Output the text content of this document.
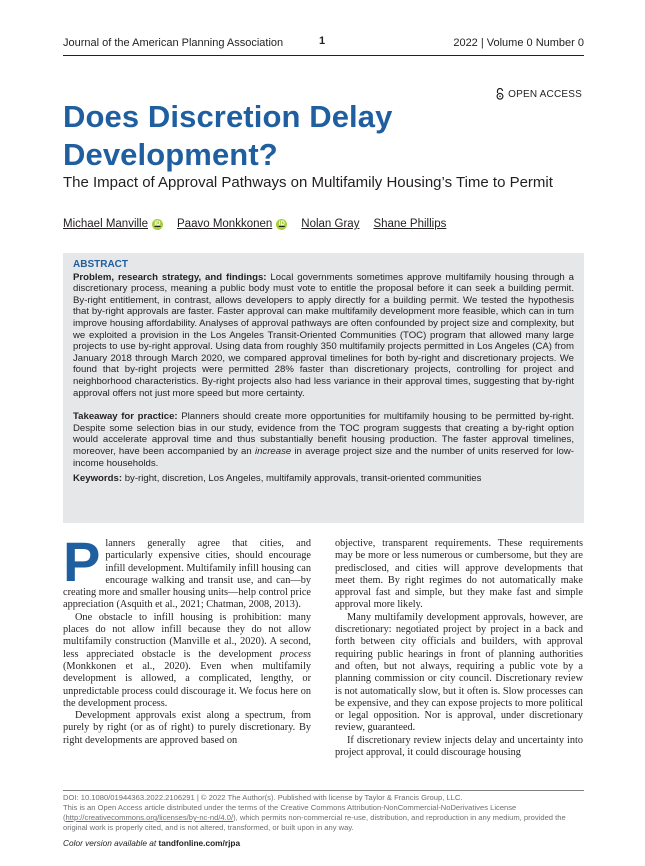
Journal of the American Planning Association	1	2022 | Volume 0 Number 0
OPEN ACCESS
Does Discretion Delay Development?
The Impact of Approval Pathways on Multifamily Housing’s Time to Permit
Michael Manville	iD Paavo Monkkonen	iD Nolan Gray Shane Phillips
ABSTRACT

Problem, research strategy, and findings: Local governments sometimes approve multifamily housing through a discretionary process, meaning a public body must vote to entitle the proposal before it can seek a building permit. By-right entitlement, in contrast, allows developers to apply directly for a building permit. We tested the hypothesis that by-right approvals are faster. Faster approval can make multifamily development more feasible, which can in turn improve housing affordability. Analyses of approval pathways are often confounded by project size and complexity, but we exploited a provision in the Los Angeles Transit-Oriented Communities (TOC) program that allowed many large projects to use by-right approval. Using data from roughly 350 multifamily projects permitted in Los Angeles (CA) from January 2018 through March 2020, we compared approval timelines for both by-right and discretionary projects. We found that by-right projects were permitted 28% faster than discretionary projects, controlling for project and neighborhood characteristics. By-right projects also had less variance in their approval times, suggesting that by-right approval offers not just more speed but more certainty.

Takeaway for practice: Planners should create more opportunities for multifamily housing to be permitted by-right. Despite some selection bias in our study, evidence from the TOC program suggests that creating a by-right option would accelerate approval time and thus substantially benefit housing production. The faster approval timelines, moreover, have been accompanied by an increase in average project size and the number of units reserved for low-income households.

Keywords: by-right, discretion, Los Angeles, multifamily approvals, transit-oriented communities

Planners generally agree that cities, and particularly expensive cities, should encourage infill development. Multifamily infill housing can encourage walking and transit use, and can—by creating more and smaller housing units—help control price appreciation (Asquith et al., 2021; Chatman, 2008, 2013).

One obstacle to infill housing is prohibition: many places do not allow infill because they do not allow multifamily construction (Manville et al., 2020). A second, less appreciated obstacle is the development process (Monkkonen et al., 2020). Even when multifamily development is allowed, a complicated, lengthy, or unpredictable process could discourage it. We focus here on the development process.

Development approvals exist along a spectrum, from purely by right (or as of right) to purely discretionary. By right developments are approved based on

objective, transparent requirements. These requirements may be more or less numerous or cumbersome, but they are predisclosed, and cities will approve developments that meet them. By right regimes do not automatically make approval fast and simple, but they make fast and simple approval more likely.

Many multifamily development approvals, however, are discretionary: negotiated project by project in a back and forth between city officials and builders, with approval requiring public hearings in front of planning authorities and often, but not always, requiring a public vote by a planning commission or city council. Discretionary review is not automatically slow, but it often is. Slow processes can be expensive, and they can expose projects to more political or legal opposition. Nor is approval, under discretionary review, guaranteed.

If discretionary review injects delay and uncertainty into project approval, it could discourage housing

DOI: 10.1080/01944363.2022.2106291 | © 2022 The Author(s). Published with license by Taylor & Francis Group, LLC.
This is an Open Access article distributed under the terms of the Creative Commons Attribution-NonCommercial-NoDerivatives License (http://creativecommons.org/licenses/by-nc-nd/4.0/), which permits non-commercial re-use, distribution, and reproduction in any medium, provided the original work is properly cited, and is not altered, transformed, or built upon in any way.
Color version available at tandfonline.com/rjpa
